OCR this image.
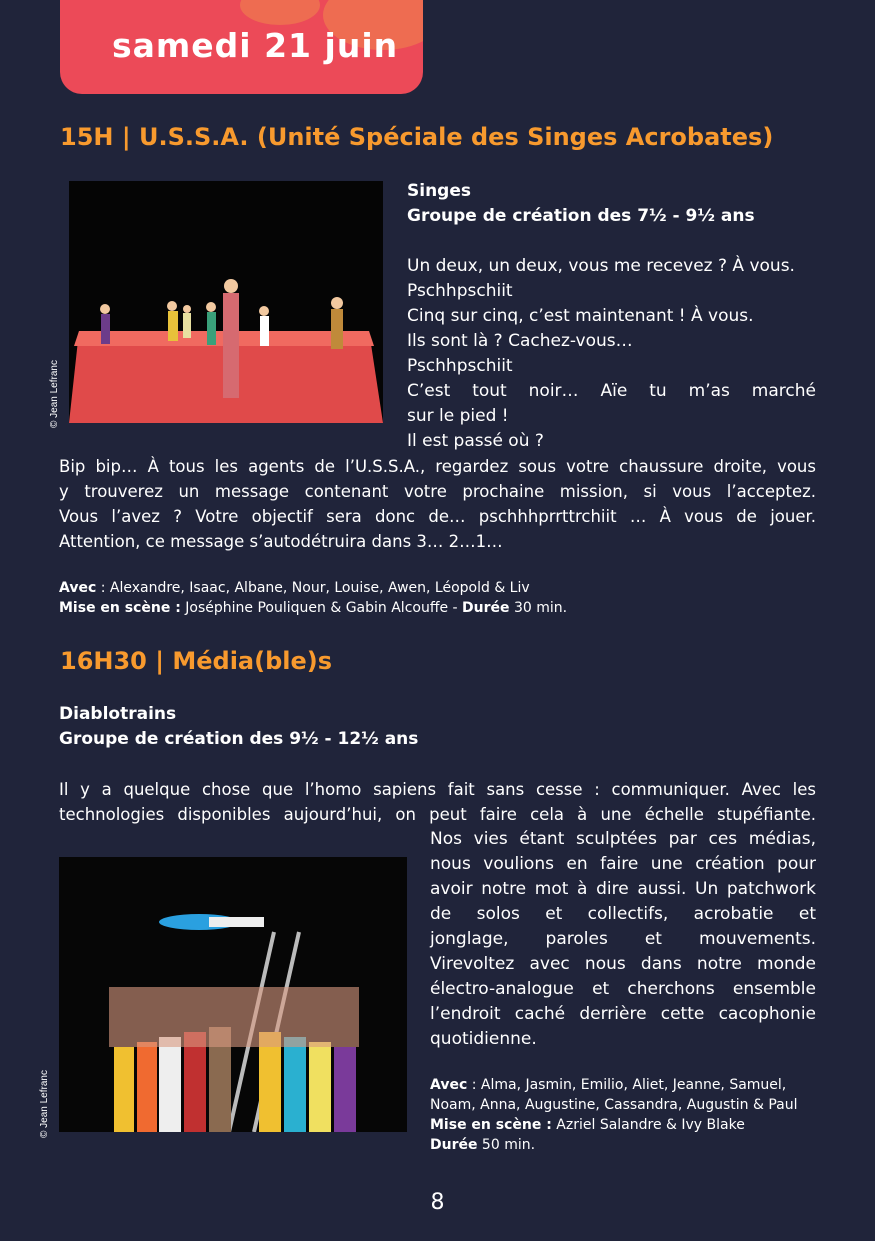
samedi 21 juin
15H | U.S.S.A. (Unité Spéciale des Singes Acrobates)
© Jean Lefranc
Singes
Groupe de création des 7½ - 9½ ans
Un deux, un deux, vous me recevez ? À vous.
Pschhpschiit
Cinq sur cinq, c’est maintenant ! À vous.
Ils sont là ? Cachez-vous…
Pschhpschiit
C’est tout noir… Aïe tu m’as marché
sur le pied !
Il est passé où ?
Bip bip… À tous les agents de l’U.S.S.A., regardez sous votre chaussure droite, vous
y trouverez un message contenant votre prochaine mission, si vous l’acceptez.
Vous l’avez ? Votre objectif sera donc de… pschhhprrttrchiit … À vous de jouer.
Attention, ce message s’autodétruira dans 3… 2…1…
Avec : Alexandre, Isaac, Albane, Nour, Louise, Awen, Léopold & Liv
Mise en scène : Joséphine Pouliquen & Gabin Alcouffe - Durée 30 min.
16H30 | Média(ble)s
Diablotrains
Groupe de création des 9½ - 12½ ans
Il y a quelque chose que l’homo sapiens fait sans cesse : communiquer. Avec les
technologies disponibles aujourd’hui, on peut faire cela à une échelle stupéfiante.
© Jean Lefranc
Nos vies étant sculptées par ces médias,
nous voulions en faire une création pour
avoir notre mot à dire aussi. Un patchwork
de solos et collectifs, acrobatie et
jonglage, paroles et mouvements.
Virevoltez avec nous dans notre monde
électro-analogue et cherchons ensemble
l’endroit caché derrière cette cacophonie
quotidienne.
Avec : Alma, Jasmin, Emilio, Aliet, Jeanne, Samuel,
Noam, Anna, Augustine, Cassandra, Augustin & Paul
Mise en scène : Azriel Salandre & Ivy Blake
Durée 50 min.
8
